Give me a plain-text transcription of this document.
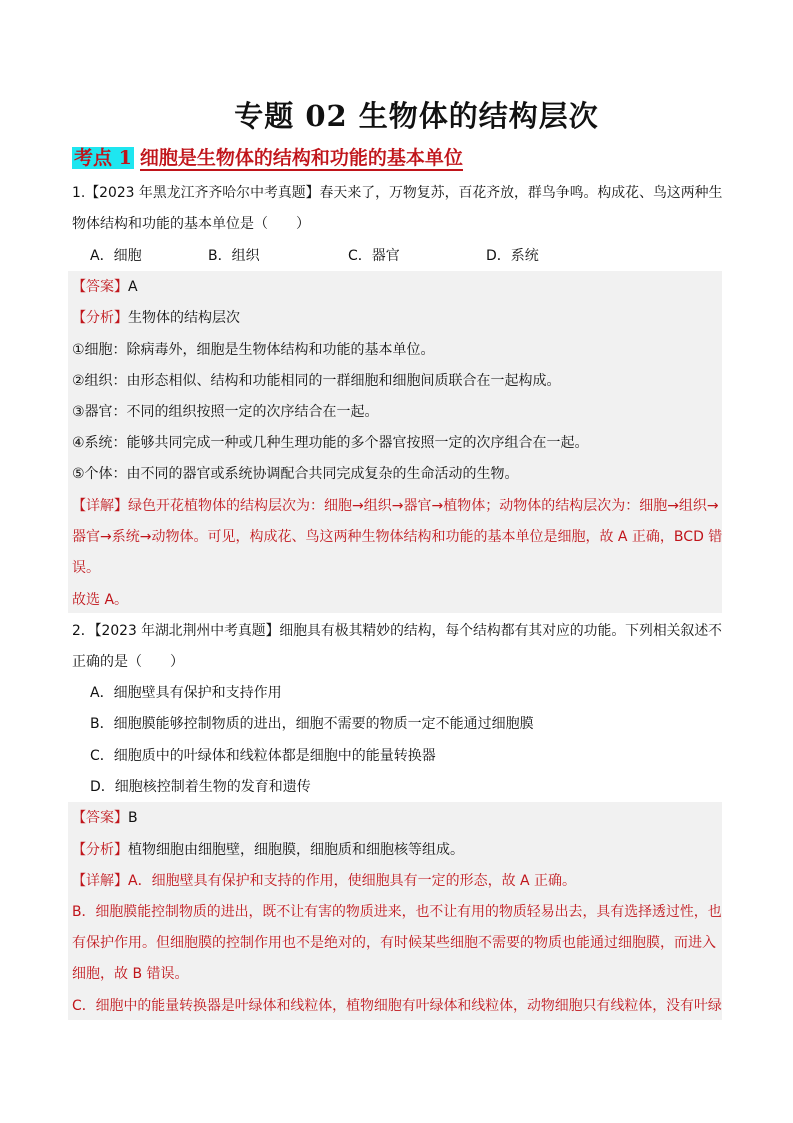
专题 02 生物体的结构层次
考点 1 细胞是生物体的结构和功能的基本单位
1.【2023 年黑龙江齐齐哈尔中考真题】春天来了，万物复苏，百花齐放，群鸟争鸣。构成花、鸟这两种生
物体结构和功能的基本单位是（　　）
A．细胞	B．组织	C．器官	D．系统
【答案】A
【分析】生物体的结构层次
①细胞：除病毒外，细胞是生物体结构和功能的基本单位。
②组织：由形态相似、结构和功能相同的一群细胞和细胞间质联合在一起构成。
③器官：不同的组织按照一定的次序结合在一起。
④系统：能够共同完成一种或几种生理功能的多个器官按照一定的次序组合在一起。
⑤个体：由不同的器官或系统协调配合共同完成复杂的生命活动的生物。
【详解】绿色开花植物体的结构层次为：细胞→组织→器官→植物体；动物体的结构层次为：细胞→组织→
器官→系统→动物体。可见，构成花、鸟这两种生物体结构和功能的基本单位是细胞，故 A 正确，BCD 错
误。
故选 A。
2．【2023 年湖北荆州中考真题】细胞具有极其精妙的结构，每个结构都有其对应的功能。下列相关叙述不
正确的是（　　）
A．细胞壁具有保护和支持作用
B．细胞膜能够控制物质的进出，细胞不需要的物质一定不能通过细胞膜
C．细胞质中的叶绿体和线粒体都是细胞中的能量转换器
D．细胞核控制着生物的发育和遗传
【答案】B
【分析】植物细胞由细胞壁，细胞膜，细胞质和细胞核等组成。
【详解】A．细胞壁具有保护和支持的作用，使细胞具有一定的形态，故 A 正确。
B．细胞膜能控制物质的进出，既不让有害的物质进来，也不让有用的物质轻易出去，具有选择透过性，也
有保护作用。但细胞膜的控制作用也不是绝对的，有时候某些细胞不需要的物质也能通过细胞膜，而进入
细胞，故 B 错误。
C．细胞中的能量转换器是叶绿体和线粒体，植物细胞有叶绿体和线粒体，动物细胞只有线粒体，没有叶绿
